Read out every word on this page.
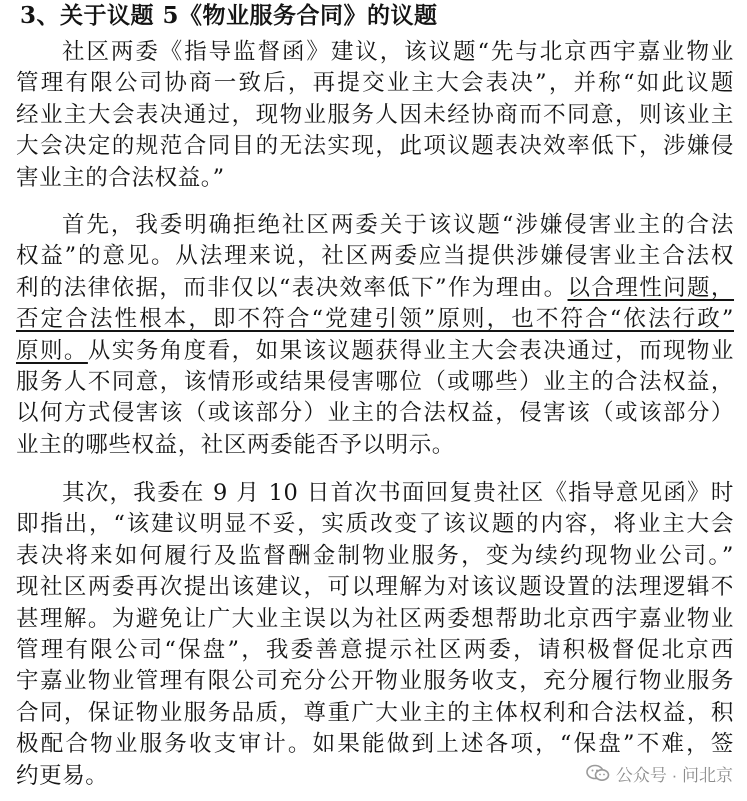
3、关于议题 5《物业服务合同》的议题
社区两委《指导监督函》建议，该议题“先与北京西宇嘉业物业
管理有限公司协商一致后，再提交业主大会表决”，并称“如此议题
经业主大会表决通过，现物业服务人因未经协商而不同意，则该业主
大会决定的规范合同目的无法实现，此项议题表决效率低下，涉嫌侵
害业主的合法权益。”
首先，我委明确拒绝社区两委关于该议题“涉嫌侵害业主的合法
权益”的意见。从法理来说，社区两委应当提供涉嫌侵害业主合法权
利的法律依据，而非仅以“表决效率低下”作为理由。以合理性问题，
否定合法性根本，即不符合“党建引领”原则，也不符合“依法行政”
原则。从实务角度看，如果该议题获得业主大会表决通过，而现物业
服务人不同意，该情形或结果侵害哪位（或哪些）业主的合法权益，
以何方式侵害该（或该部分）业主的合法权益，侵害该（或该部分）
业主的哪些权益，社区两委能否予以明示。
其次，我委在 9 月 10 日首次书面回复贵社区《指导意见函》时
即指出，“该建议明显不妥，实质改变了该议题的内容，将业主大会
表决将来如何履行及监督酬金制物业服务，变为续约现物业公司。”
现社区两委再次提出该建议，可以理解为对该议题设置的法理逻辑不
甚理解。为避免让广大业主误以为社区两委想帮助北京西宇嘉业物业
管理有限公司“保盘”，我委善意提示社区两委，请积极督促北京西
宇嘉业物业管理有限公司充分公开物业服务收支，充分履行物业服务
合同，保证物业服务品质，尊重广大业主的主体权利和合法权益，积
极配合物业服务收支审计。如果能做到上述各项，“保盘”不难，签
约更易。	公众号 · 问北京
